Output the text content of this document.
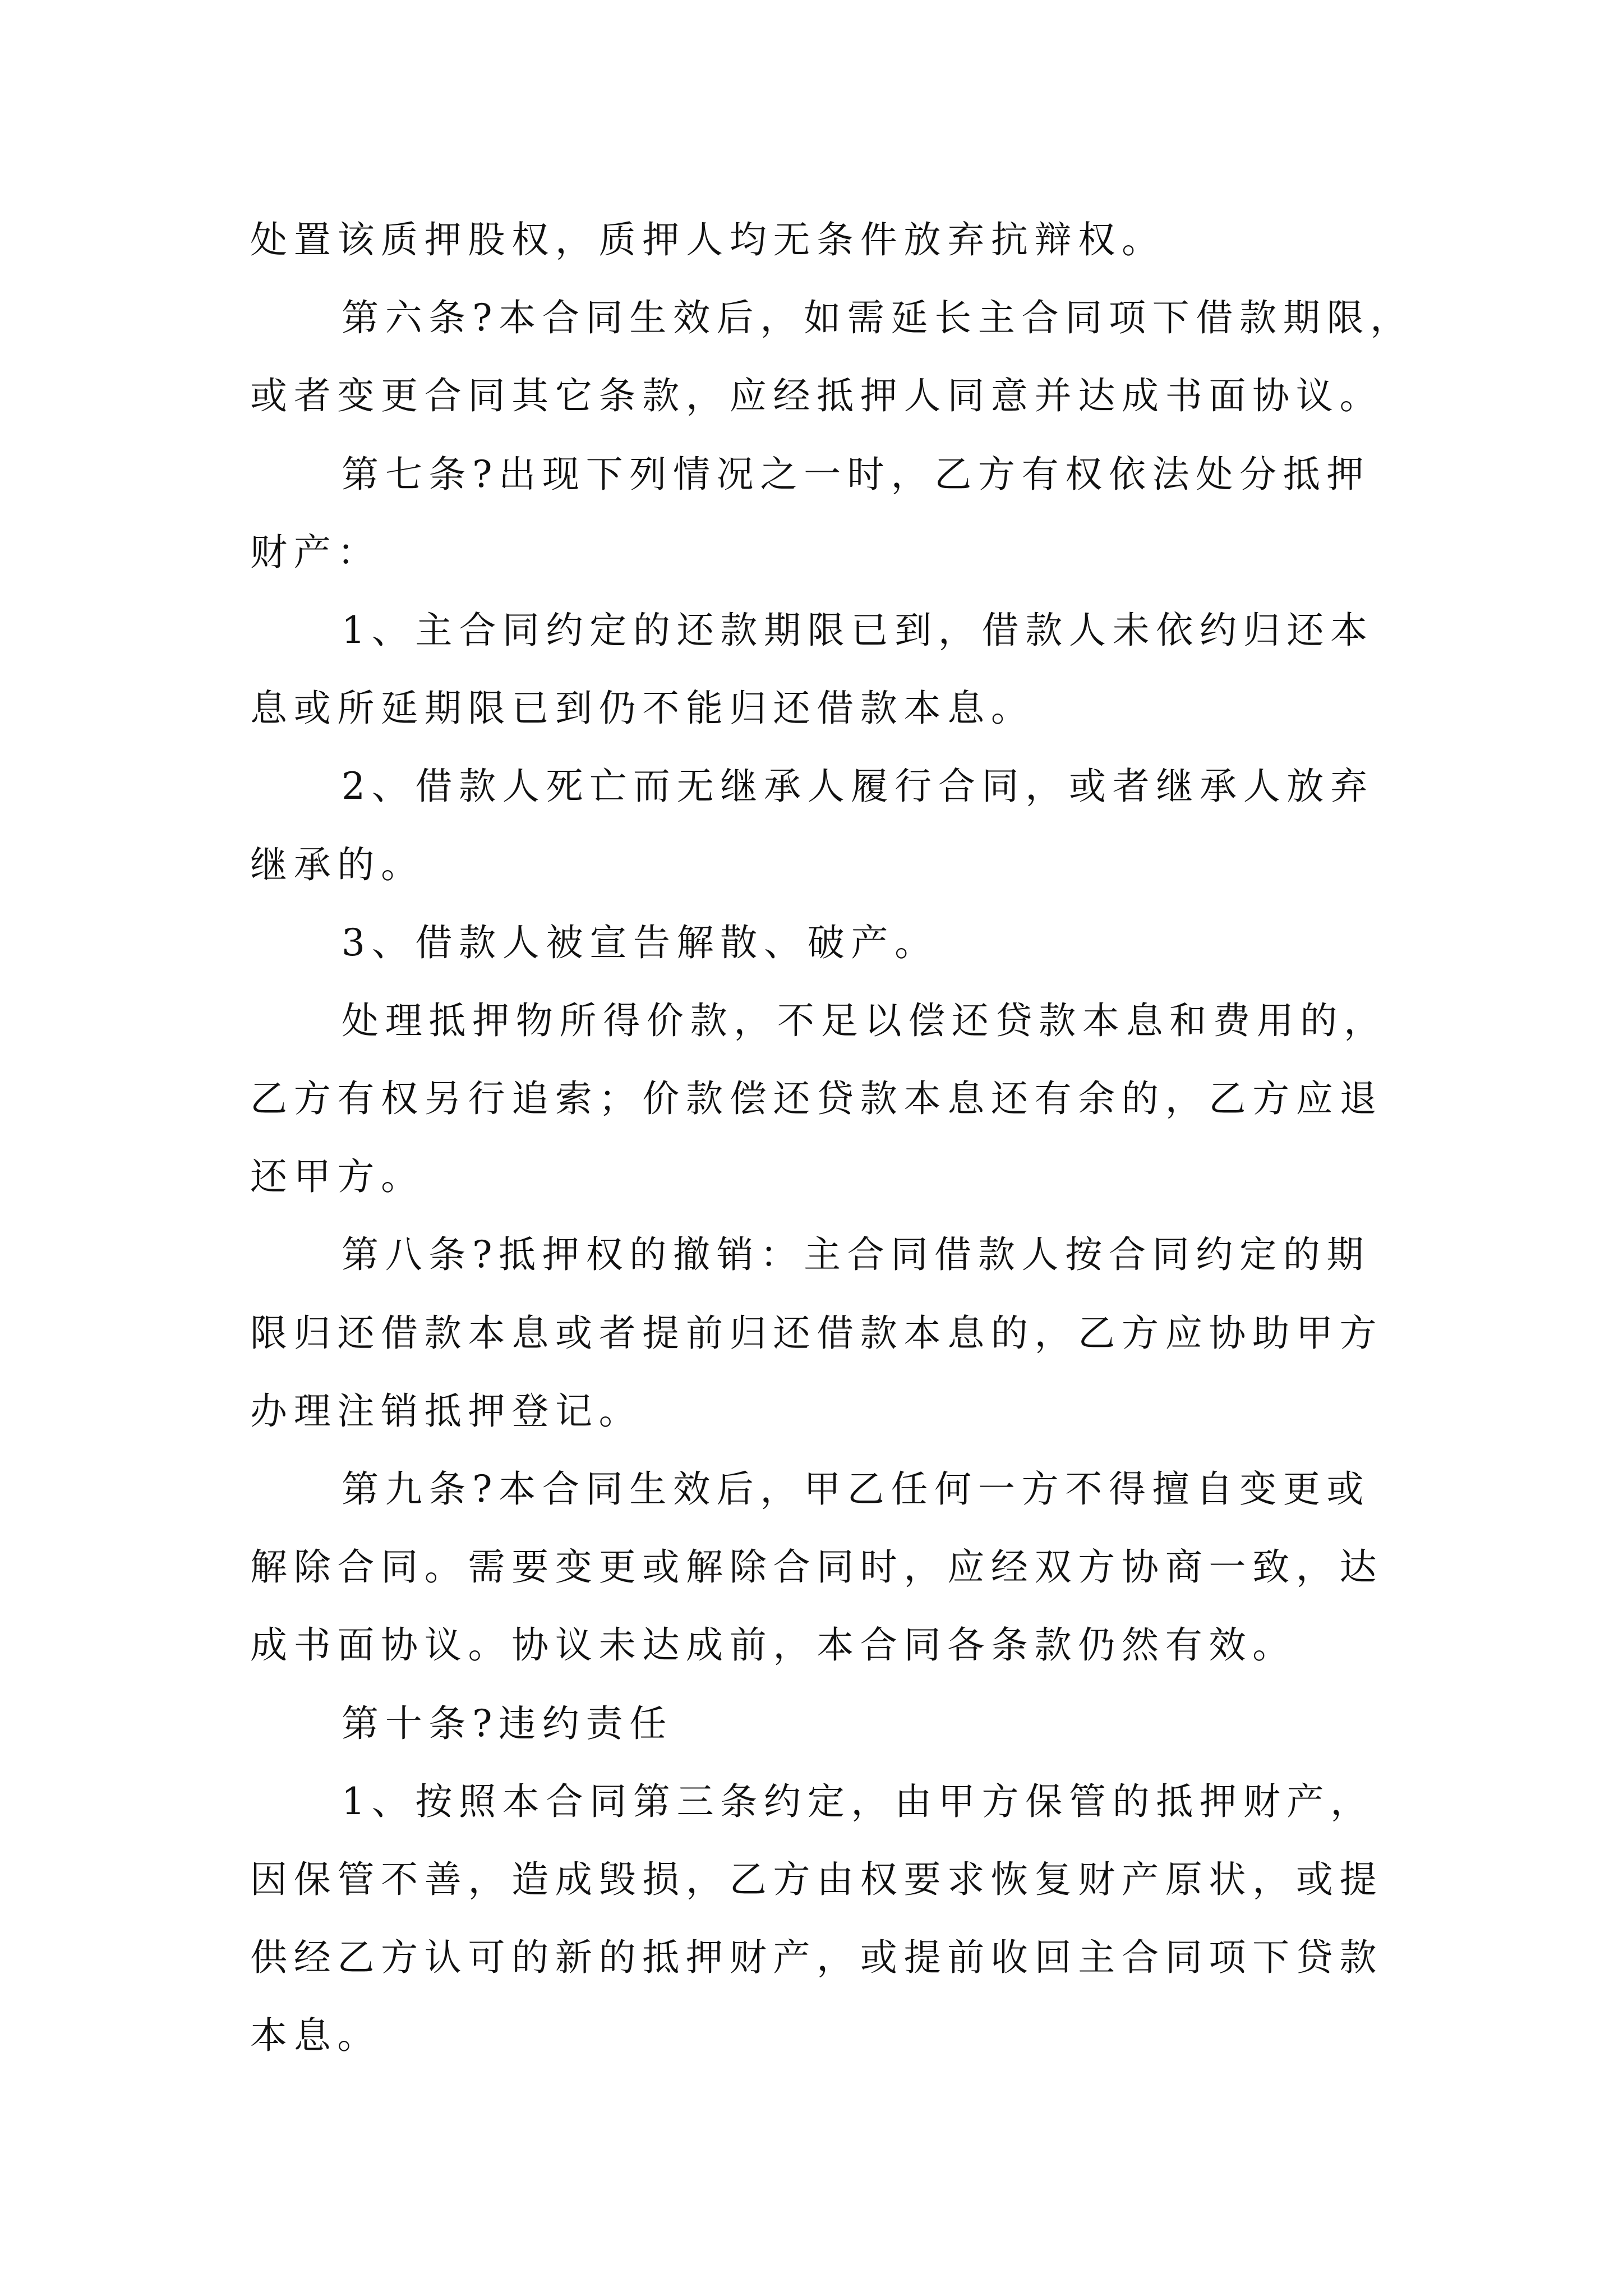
处置该质押股权，质押人均无条件放弃抗辩权。
第六条?本合同生效后，如需延长主合同项下借款期限，
或者变更合同其它条款，应经抵押人同意并达成书面协议。
第七条?出现下列情况之一时，乙方有权依法处分抵押
财产：
1、主合同约定的还款期限已到，借款人未依约归还本
息或所延期限已到仍不能归还借款本息。
2、借款人死亡而无继承人履行合同，或者继承人放弃
继承的。
3、借款人被宣告解散、破产。
处理抵押物所得价款，不足以偿还贷款本息和费用的，
乙方有权另行追索；价款偿还贷款本息还有余的，乙方应退
还甲方。
第八条?抵押权的撤销：主合同借款人按合同约定的期
限归还借款本息或者提前归还借款本息的，乙方应协助甲方
办理注销抵押登记。
第九条?本合同生效后，甲乙任何一方不得擅自变更或
解除合同。需要变更或解除合同时，应经双方协商一致，达
成书面协议。协议未达成前，本合同各条款仍然有效。
第十条?违约责任
1、按照本合同第三条约定，由甲方保管的抵押财产，
因保管不善，造成毁损，乙方由权要求恢复财产原状，或提
供经乙方认可的新的抵押财产，或提前收回主合同项下贷款
本息。
